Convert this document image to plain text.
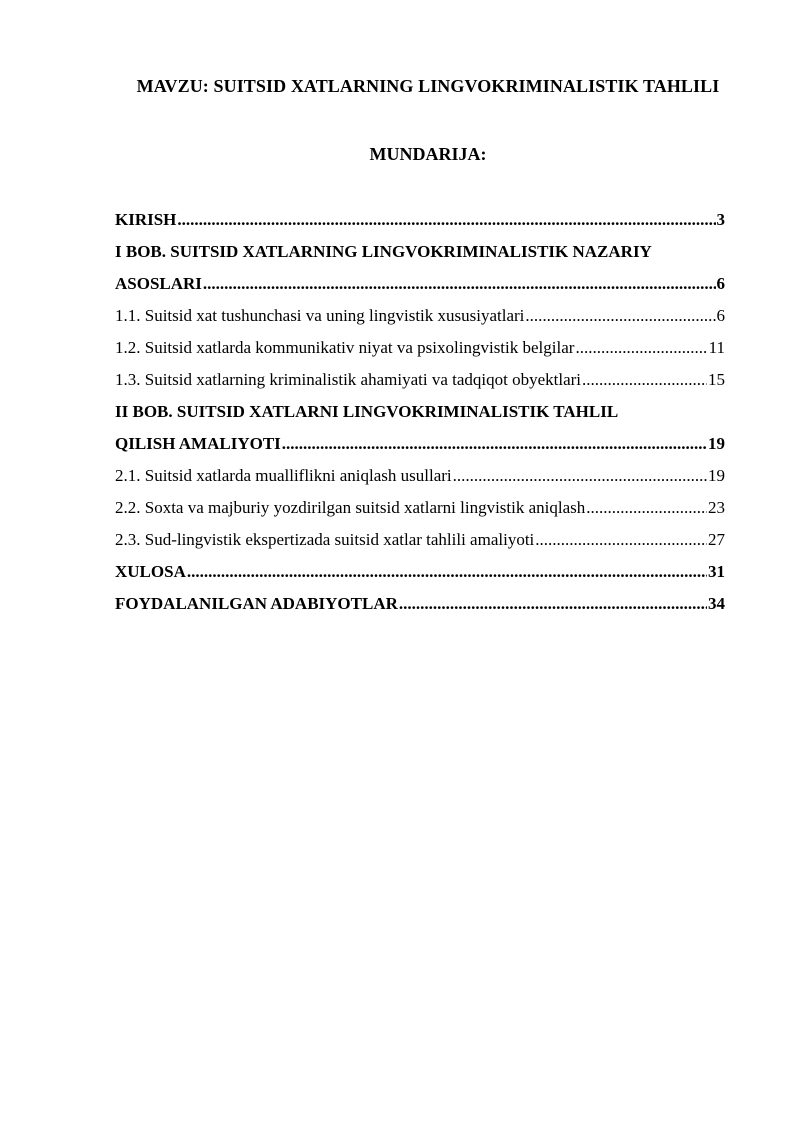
MAVZU: SUITSID XATLARNING LINGVOKRIMINALISTIK TAHLILI
MUNDARIJA:
KIRISH .....	3
I BOB. SUITSID XATLARNING LINGVOKRIMINALISTIK NAZARIY
ASOSLARI .....	6
1.1. Suitsid xat tushunchasi va uning lingvistik xususiyatlari .....	6
1.2. Suitsid xatlarda kommunikativ niyat va psixolingvistik belgilar .....	11
1.3. Suitsid xatlarning kriminalistik ahamiyati va tadqiqot obyektlari .....	15
II BOB. SUITSID XATLARNI LINGVOKRIMINALISTIK TAHLIL
QILISH AMALIYOTI .....	19
2.1. Suitsid xatlarda mualliflikni aniqlash usullari .....	19
2.2. Soxta va majburiy yozdirilgan suitsid xatlarni lingvistik aniqlash .....	23
2.3. Sud-lingvistik ekspertizada suitsid xatlar tahlili amaliyoti .....	27
XULOSA .....	31
FOYDALANILGAN ADABIYOTLAR .....	34
